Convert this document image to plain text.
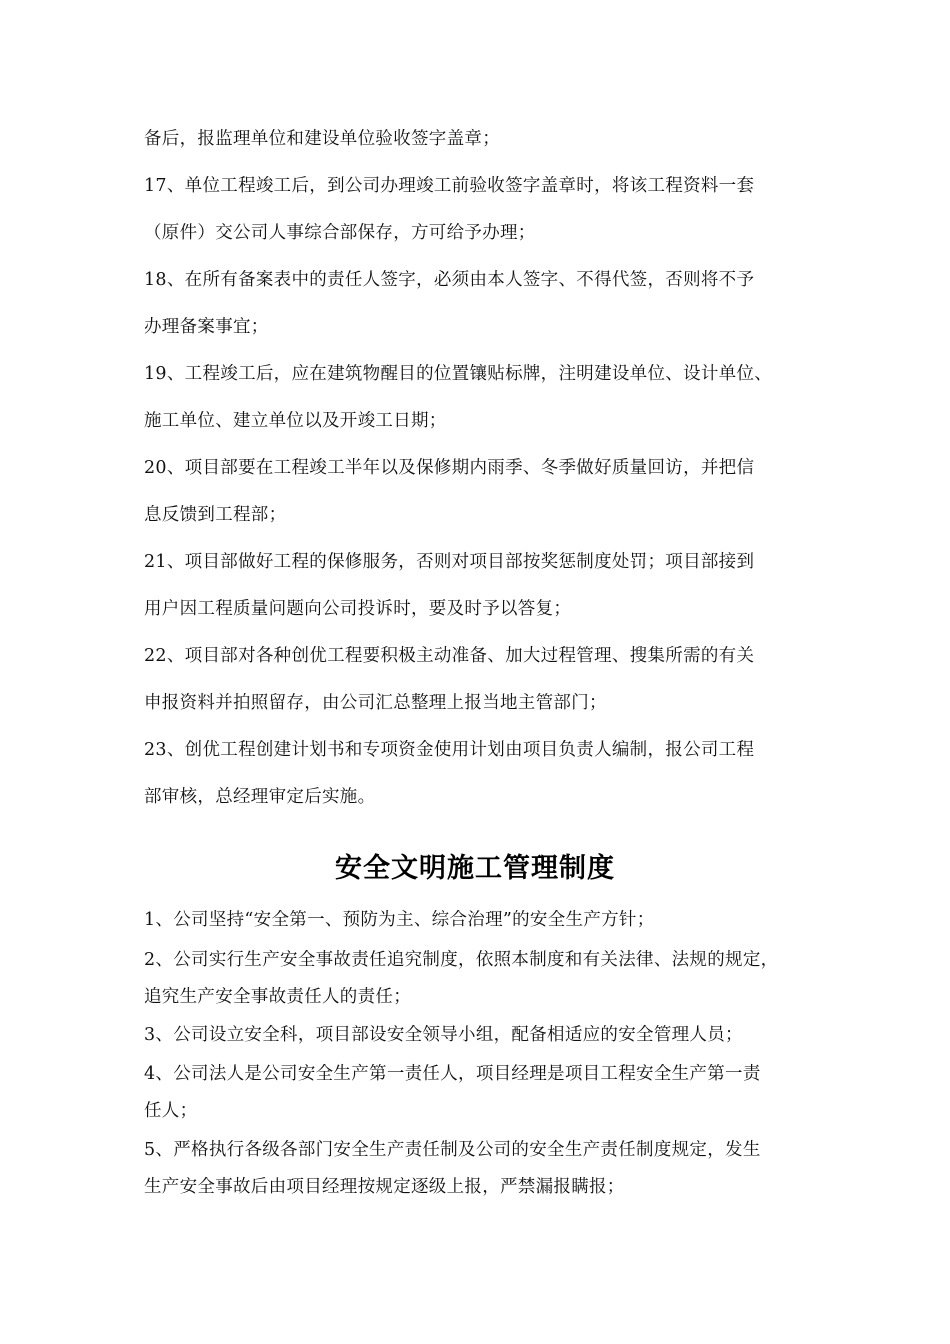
备后，报监理单位和建设单位验收签字盖章；
17、单位工程竣工后，到公司办理竣工前验收签字盖章时，将该工程资料一套
（原件）交公司人事综合部保存，方可给予办理；
18、在所有备案表中的责任人签字，必须由本人签字、不得代签，否则将不予
办理备案事宜；
19、工程竣工后，应在建筑物醒目的位置镶贴标牌，注明建设单位、设计单位、
施工单位、建立单位以及开竣工日期；
20、项目部要在工程竣工半年以及保修期内雨季、冬季做好质量回访，并把信
息反馈到工程部；
21、项目部做好工程的保修服务，否则对项目部按奖惩制度处罚；项目部接到
用户因工程质量问题向公司投诉时，要及时予以答复；
22、项目部对各种创优工程要积极主动准备、加大过程管理、搜集所需的有关
申报资料并拍照留存，由公司汇总整理上报当地主管部门；
23、创优工程创建计划书和专项资金使用计划由项目负责人编制，报公司工程
部审核，总经理审定后实施。
安全文明施工管理制度
1、公司坚持“安全第一、预防为主、综合治理”的安全生产方针；
2、公司实行生产安全事故责任追究制度，依照本制度和有关法律、法规的规定，
追究生产安全事故责任人的责任；
3、公司设立安全科，项目部设安全领导小组，配备相适应的安全管理人员；
4、公司法人是公司安全生产第一责任人，项目经理是项目工程安全生产第一责
任人；
5、严格执行各级各部门安全生产责任制及公司的安全生产责任制度规定，发生
生产安全事故后由项目经理按规定逐级上报，严禁漏报瞒报；
